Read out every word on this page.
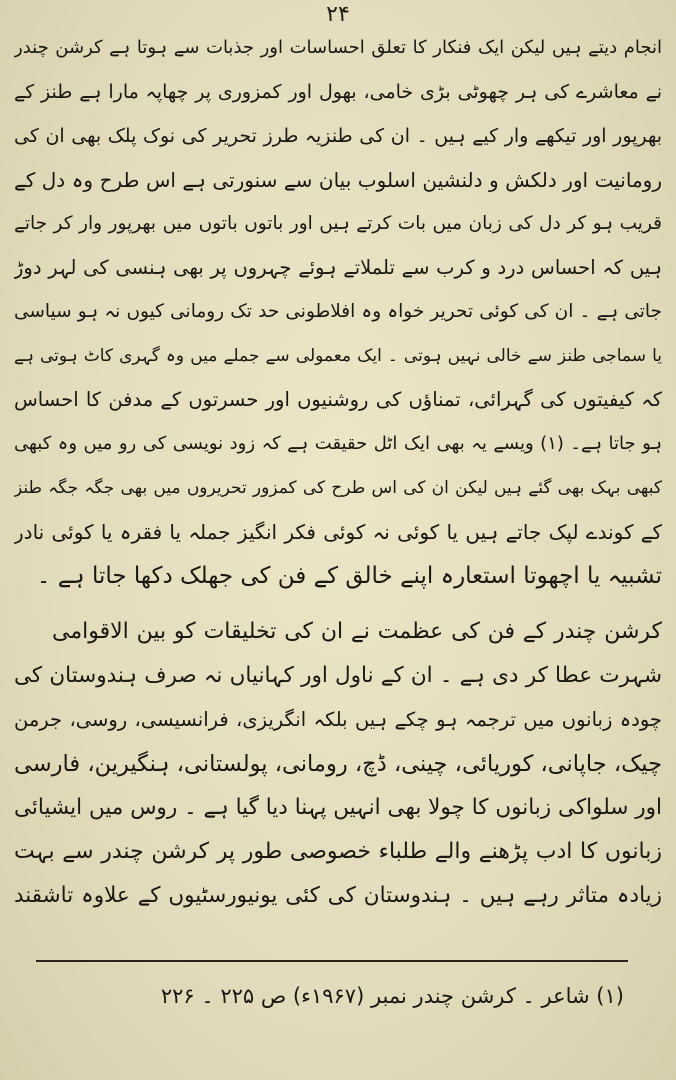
۲۴
انجام دیتے ہیں لیکن ایک فنکار کا تعلق احساسات اور جذبات سے ہوتا ہے کرشن چندر
نے معاشرے کی ہر چھوٹی بڑی خامی، بھول اور کمزوری پر چھاپہ مارا ہے طنز کے
بھرپور اور تیکھے وار کیے ہیں ۔ ان کی طنزیہ طرز تحریر کی نوک پلک بھی ان کی
رومانیت اور دلکش و دلنشین اسلوب بیان سے سنورتی ہے اس طرح وہ دل کے
قریب ہو کر دل کی زبان میں بات کرتے ہیں اور باتوں باتوں میں بھرپور وار کر جاتے
ہیں کہ احساس درد و کرب سے تلملاتے ہوئے چہروں پر بھی ہنسی کی لہر دوڑ
جاتی ہے ۔ ان کی کوئی تحریر خواہ وہ افلاطونی حد تک رومانی کیوں نہ ہو سیاسی
یا سماجی طنز سے خالی نہیں ہوتی ۔ ایک معمولی سے جملے میں وہ گہری کاٹ ہوتی ہے
کہ کیفیتوں کی گہرائی، تمناؤں کی روشنیوں اور حسرتوں کے مدفن کا احساس
ہو جاتا ہے۔ (۱) ویسے یہ بھی ایک اٹل حقیقت ہے کہ زود نویسی کی رو میں وہ کبھی
کبھی بہک بھی گئے ہیں لیکن ان کی اس طرح کی کمزور تحریروں میں بھی جگہ جگہ طنز
کے کوندے لپک جاتے ہیں یا کوئی نہ کوئی فکر انگیز جملہ یا فقرہ یا کوئی نادر
تشبیہ یا اچھوتا استعارہ اپنے خالق کے فن کی جھلک دکھا جاتا ہے ۔
کرشن چندر کے فن کی عظمت نے ان کی تخلیقات کو بین الاقوامی
شہرت عطا کر دی ہے ۔ ان کے ناول اور کہانیاں نہ صرف ہندوستان کی
چودہ زبانوں میں ترجمہ ہو چکے ہیں بلکہ انگریزی، فرانسیسی، روسی، جرمن
چیک، جاپانی، کوریائی، چینی، ڈچ، رومانی، پولستانی، ہنگیرین، فارسی
اور سلواکی زبانوں کا چولا بھی انہیں پہنا دیا گیا ہے ۔ روس میں ایشیائی
زبانوں کا ادب پڑھنے والے طلباء خصوصی طور پر کرشن چندر سے بہت
زیادہ متاثر رہے ہیں ۔ ہندوستان کی کئی یونیورسٹیوں کے علاوہ تاشقند
(۱) شاعر ۔ کرشن چندر نمبر (۱۹۶۷ء) ص ۲۲۵ ۔ ۲۲۶
